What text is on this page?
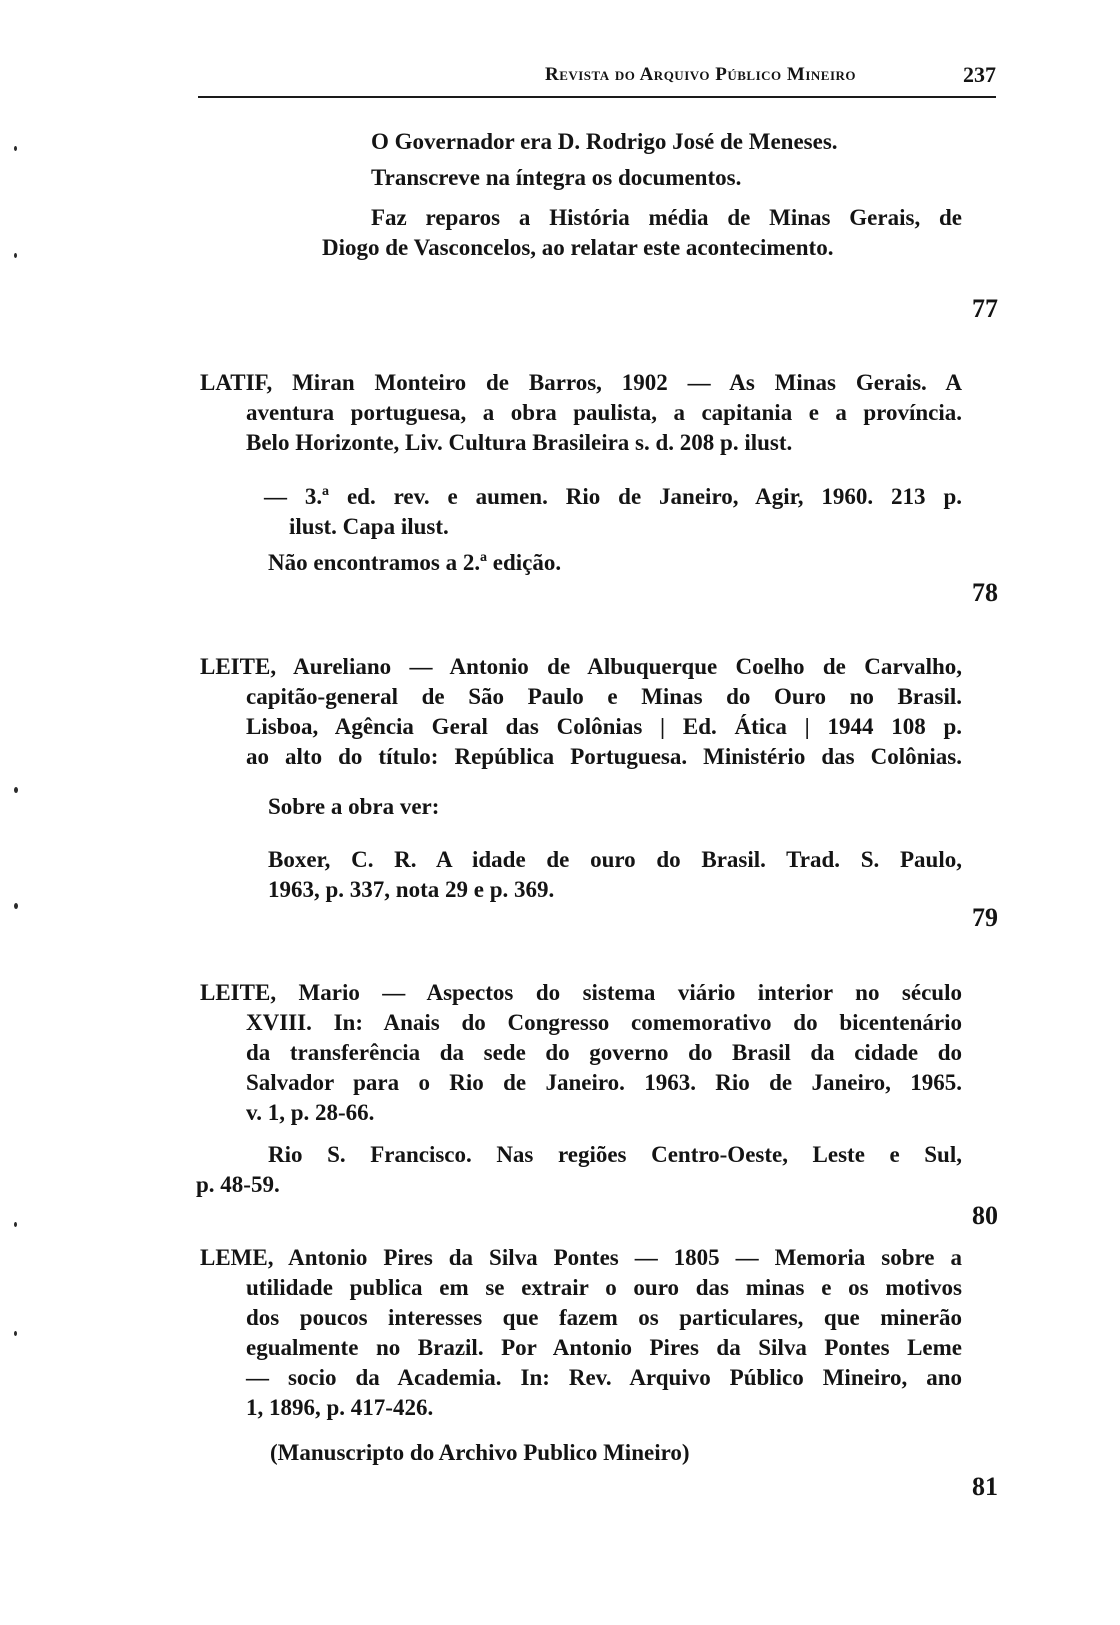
Revista do Arquivo Público Mineiro	237
O Governador era D. Rodrigo José de Meneses.
Transcreve na íntegra os documentos.
Faz reparos a História média de Minas Gerais, de
Diogo de Vasconcelos, ao relatar este acontecimento.
77
LATIF, Miran Monteiro de Barros, 1902 — As Minas Gerais. A
aventura portuguesa, a obra paulista, a capitania e a província.
Belo Horizonte, Liv. Cultura Brasileira s. d. 208 p. ilust.
— 3.ª ed. rev. e aumen. Rio de Janeiro, Agir, 1960. 213 p.
ilust. Capa ilust.
Não encontramos a 2.ª edição.
78
LEITE, Aureliano — Antonio de Albuquerque Coelho de Carvalho,
capitão-general de São Paulo e Minas do Ouro no Brasil.
Lisboa, Agência Geral das Colônias | Ed. Ática | 1944 108 p.
ao alto do título: República Portuguesa. Ministério das Colônias.
Sobre a obra ver:
Boxer, C. R. A idade de ouro do Brasil. Trad. S. Paulo,
1963, p. 337, nota 29 e p. 369.
79
LEITE, Mario — Aspectos do sistema viário interior no século
XVIII. In: Anais do Congresso comemorativo do bicentenário
da transferência da sede do governo do Brasil da cidade do
Salvador para o Rio de Janeiro. 1963. Rio de Janeiro, 1965.
v. 1, p. 28-66.
Rio S. Francisco. Nas regiões Centro-Oeste, Leste e Sul,
p. 48-59.
80
LEME, Antonio Pires da Silva Pontes — 1805 — Memoria sobre a
utilidade publica em se extrair o ouro das minas e os motivos
dos poucos interesses que fazem os particulares, que minerão
egualmente no Brazil. Por Antonio Pires da Silva Pontes Leme
— socio da Academia. In: Rev. Arquivo Público Mineiro, ano
1, 1896, p. 417-426.
(Manuscripto do Archivo Publico Mineiro)
81
